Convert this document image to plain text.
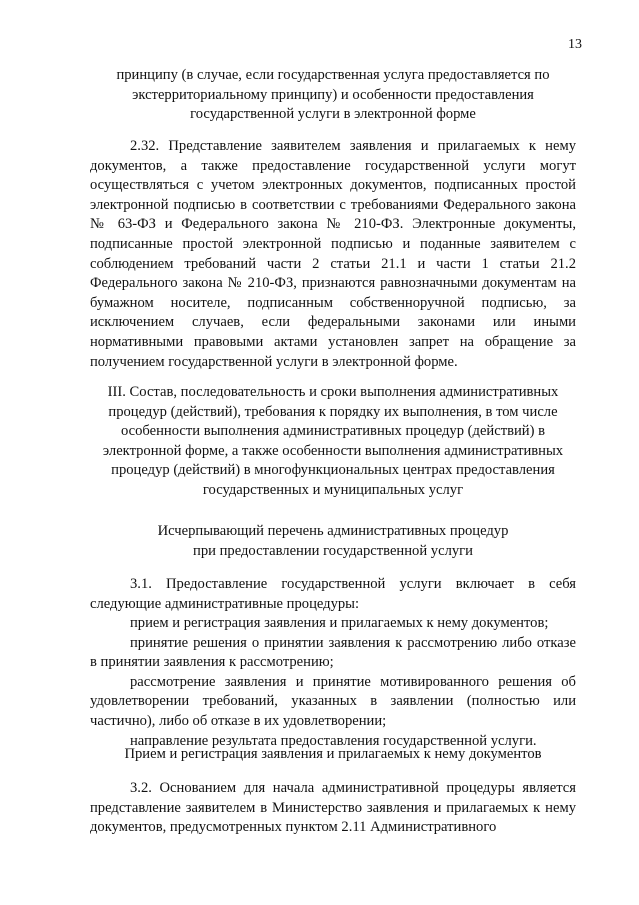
13
принципу (в случае, если государственная услуга предоставляется по экстерриториальному принципу) и особенности предоставления государственной услуги в электронной форме

2.32. Представление заявителем заявления и прилагаемых к нему документов, а также предоставление государственной услуги могут осуществляться с учетом электронных документов, подписанных простой электронной подписью в соответствии с требованиями Федерального закона № 63-ФЗ и Федерального закона № 210-ФЗ. Электронные документы, подписанные простой электронной подписью и поданные заявителем с соблюдением требований части 2 статьи 21.1 и части 1 статьи 21.2 Федерального закона № 210-ФЗ, признаются равнозначными документам на бумажном носителе, подписанным собственноручной подписью, за исключением случаев, если федеральными законами или иными нормативными правовыми актами установлен запрет на обращение за получением государственной услуги в электронной форме.

III. Состав, последовательность и сроки выполнения административных процедур (действий), требования к порядку их выполнения, в том числе особенности выполнения административных процедур (действий) в электронной форме, а также особенности выполнения административных процедур (действий) в многофункциональных центрах предоставления государственных и муниципальных услуг
Исчерпывающий перечень административных процедур при предоставлении государственной услуги

3.1. Предоставление государственной услуги включает в себя следующие административные процедуры:

прием и регистрация заявления и прилагаемых к нему документов;

принятие решения о принятии заявления к рассмотрению либо отказе в принятии заявления к рассмотрению;

рассмотрение заявления и принятие мотивированного решения об удовлетворении требований, указанных в заявлении (полностью или частично), либо об отказе в их удовлетворении;

направление результата предоставления государственной услуги.

Прием и регистрация заявления и прилагаемых к нему документов

3.2. Основанием для начала административной процедуры является представление заявителем в Министерство заявления и прилагаемых к нему документов, предусмотренных пунктом 2.11 Административного
